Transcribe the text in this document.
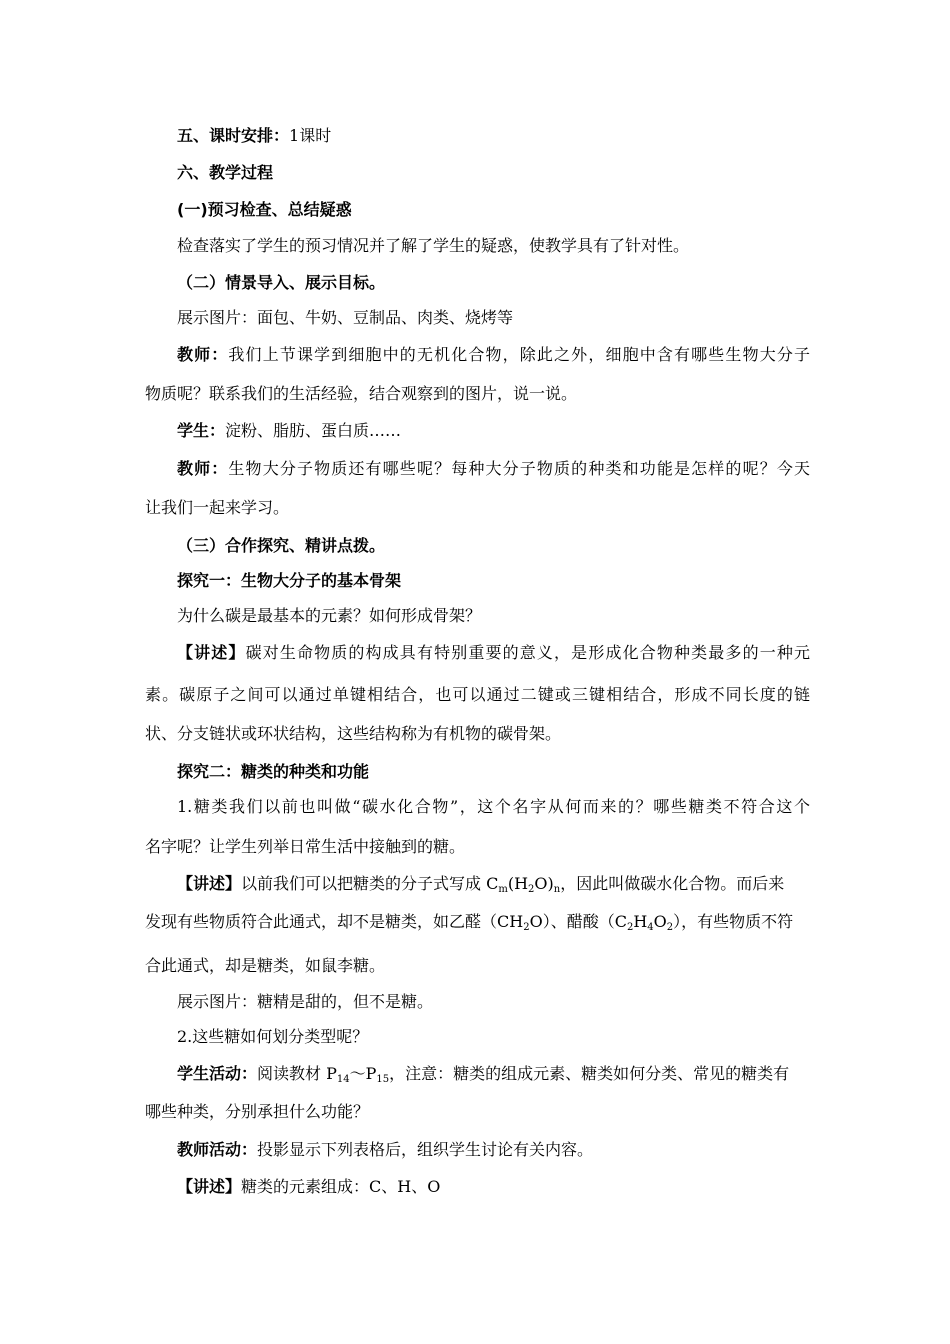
五、课时安排：1课时
六、教学过程
(一)预习检查、总结疑惑
检查落实了学生的预习情况并了解了学生的疑惑，使教学具有了针对性。
（二）情景导入、展示目标。
展示图片：面包、牛奶、豆制品、肉类、烧烤等
教师：我们上节课学到细胞中的无机化合物，除此之外，细胞中含有哪些生物大分子
物质呢？联系我们的生活经验，结合观察到的图片，说一说。
学生：淀粉、脂肪、蛋白质……
教师：生物大分子物质还有哪些呢？每种大分子物质的种类和功能是怎样的呢？今天
让我们一起来学习。
（三）合作探究、精讲点拨。
探究一：生物大分子的基本骨架
为什么碳是最基本的元素？如何形成骨架？
【讲述】碳对生命物质的构成具有特别重要的意义，是形成化合物种类最多的一种元
素。碳原子之间可以通过单键相结合，也可以通过二键或三键相结合，形成不同长度的链
状、分支链状或环状结构，这些结构称为有机物的碳骨架。
探究二：糖类的种类和功能
1.糖类我们以前也叫做“碳水化合物”，这个名字从何而来的？哪些糖类不符合这个
名字呢？让学生列举日常生活中接触到的糖。
【讲述】以前我们可以把糖类的分子式写成 $C_m(H_2O)_n$，因此叫做碳水化合物。而后来
发现有些物质符合此通式，却不是糖类，如乙醛$(CH_2O)$、醋酸$(C_2H_4O_2)$，有些物质不符
合此通式，却是糖类，如鼠李糖。
展示图片：糖精是甜的，但不是糖。
2.这些糖如何划分类型呢？
学生活动：阅读教材 $P_{14}\sim P_{15}$，注意：糖类的组成元素、糖类如何分类、常见的糖类有
哪些种类，分别承担什么功能？
教师活动：投影显示下列表格后，组织学生讨论有关内容。
【讲述】糖类的元素组成：C、H、O
